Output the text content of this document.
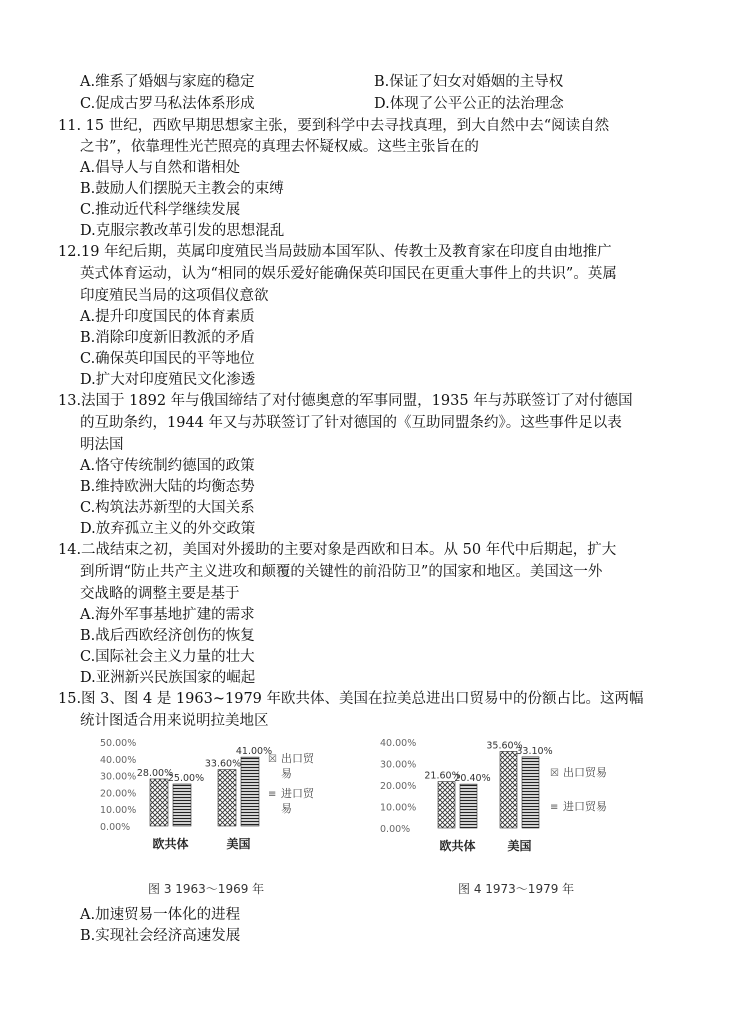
A.维系了婚姻与家庭的稳定	B.保证了妇女对婚姻的主导权
C.促成古罗马私法体系形成	D.体现了公平公正的法治理念
11. 15 世纪，西欧早期思想家主张，要到科学中去寻找真理，到大自然中去“阅读自然
之书”，依靠理性光芒照亮的真理去怀疑权威。这些主张旨在的
A.倡导人与自然和谐相处
B.鼓励人们摆脱天主教会的束缚
C.推动近代科学继续发展
D.克服宗教改革引发的思想混乱
12.19 年纪后期，英属印度殖民当局鼓励本国军队、传教士及教育家在印度自由地推广
英式体育运动，认为“相同的娱乐爱好能确保英印国民在更重大事件上的共识”。英属
印度殖民当局的这项倡仪意欲
A.提升印度国民的体育素质
B.消除印度新旧教派的矛盾
C.确保英印国民的平等地位
D.扩大对印度殖民文化渗透
13.法国于 1892 年与俄国缔结了对付德奥意的军事同盟，1935 年与苏联签订了对付德国
的互助条约，1944 年又与苏联签订了针对德国的《互助同盟条约》。这些事件足以表
明法国
A.恪守传统制约德国的政策
B.维持欧洲大陆的均衡态势
C.构筑法苏新型的大国关系
D.放弃孤立主义的外交政策
14.二战结束之初，美国对外援助的主要对象是西欧和日本。从 50 年代中后期起，扩大
到所谓“防止共产主义进攻和颠覆的关键性的前沿防卫”的国家和地区。美国这一外
交战略的调整主要是基于
A.海外军事基地扩建的需求
B.战后西欧经济创伤的恢复
C.国际社会主义力量的壮大
D.亚洲新兴民族国家的崛起
15.图 3、图 4 是 1963~1979 年欧共体、美国在拉美总进出口贸易中的份额占比。这两幅
统计图适合用来说明拉美地区
0.00%
10.00%
20.00%
30.00%
40.00%
50.00%
28.00%
25.00%
欧共体
33.60%
41.00%
美国
☒ 出口贸
易
≡ 进口贸
易
图 3 1963～1969 年
0.00%
10.00%
20.00%
30.00%
40.00%
21.60%
20.40%
欧共体
35.60%
33.10%
美国
☒ 出口贸易
≡ 进口贸易
图 4 1973～1979 年
A.加速贸易一体化的进程
B.实现社会经济高速发展
